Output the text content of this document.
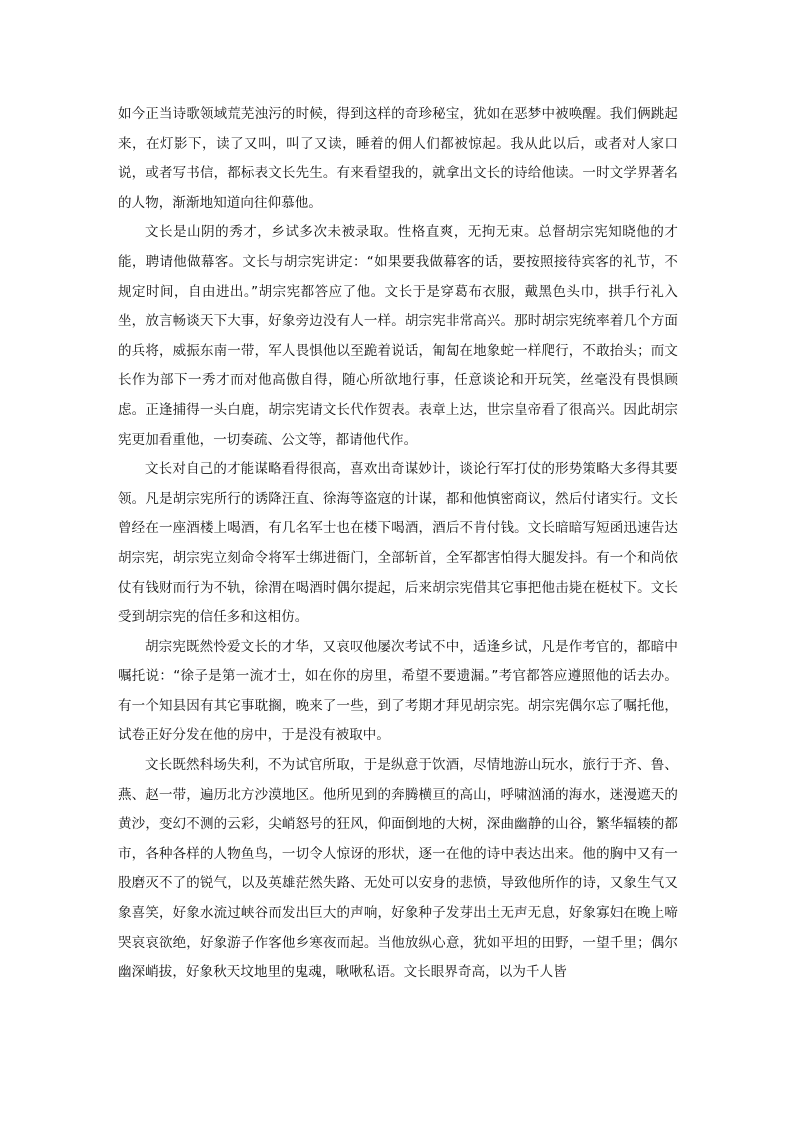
如今正当诗歌领域荒芜浊污的时候，得到这样的奇珍秘宝，犹如在恶梦中被唤醒。我们俩跳起来，在灯影下，读了又叫，叫了又读，睡着的佣人们都被惊起。我从此以后，或者对人家口说，或者写书信，都标表文长先生。有来看望我的，就拿出文长的诗给他读。一时文学界著名的人物，渐渐地知道向往仰慕他。

文长是山阴的秀才，乡试多次未被录取。性格直爽，无拘无束。总督胡宗宪知晓他的才能，聘请他做幕客。文长与胡宗宪讲定：“如果要我做幕客的话，要按照接待宾客的礼节，不规定时间，自由进出。”胡宗宪都答应了他。文长于是穿葛布衣服，戴黑色头巾，拱手行礼入坐，放言畅谈天下大事，好象旁边没有人一样。胡宗宪非常高兴。那时胡宗宪统率着几个方面的兵将，威振东南一带，军人畏惧他以至跪着说话，匍匐在地象蛇一样爬行，不敢抬头；而文长作为部下一秀才而对他高傲自得，随心所欲地行事，任意谈论和开玩笑，丝毫没有畏惧顾虑。正逢捕得一头白鹿，胡宗宪请文长代作贺表。表章上达，世宗皇帝看了很高兴。因此胡宗宪更加看重他，一切奏疏、公文等，都请他代作。

文长对自己的才能谋略看得很高，喜欢出奇谋妙计，谈论行军打仗的形势策略大多得其要领。凡是胡宗宪所行的诱降汪直、徐海等盗寇的计谋，都和他慎密商议，然后付诸实行。文长曾经在一座酒楼上喝酒，有几名军士也在楼下喝酒，酒后不肯付钱。文长暗暗写短函迅速告达胡宗宪，胡宗宪立刻命令将军士绑进衙门，全部斩首，全军都害怕得大腿发抖。有一个和尚依仗有钱财而行为不轨，徐渭在喝酒时偶尔提起，后来胡宗宪借其它事把他击毙在梃杖下。文长受到胡宗宪的信任多和这相仿。

胡宗宪既然怜爱文长的才华，又哀叹他屡次考试不中，适逢乡试，凡是作考官的，都暗中嘱托说：“徐子是第一流才士，如在你的房里，希望不要遗漏。”考官都答应遵照他的话去办。有一个知县因有其它事耽搁，晚来了一些，到了考期才拜见胡宗宪。胡宗宪偶尔忘了嘱托他，试卷正好分发在他的房中，于是没有被取中。

文长既然科场失利，不为试官所取，于是纵意于饮酒，尽情地游山玩水，旅行于齐、鲁、燕、赵一带，遍历北方沙漠地区。他所见到的奔腾横亘的高山，呼啸汹涌的海水，迷漫遮天的黄沙，变幻不测的云彩，尖峭怒号的狂风，仰面倒地的大树，深曲幽静的山谷，繁华辐辏的都市，各种各样的人物鱼鸟，一切令人惊讶的形状，逐一在他的诗中表达出来。他的胸中又有一股磨灭不了的锐气，以及英雄茫然失路、无处可以安身的悲愤，导致他所作的诗，又象生气又象喜笑，好象水流过峡谷而发出巨大的声响，好象种子发芽出土无声无息，好象寡妇在晚上啼哭哀哀欲绝，好象游子作客他乡寒夜而起。当他放纵心意，犹如平坦的田野，一望千里；偶尔幽深峭拔，好象秋天坟地里的鬼魂，啾啾私语。文长眼界奇高，以为千人皆
